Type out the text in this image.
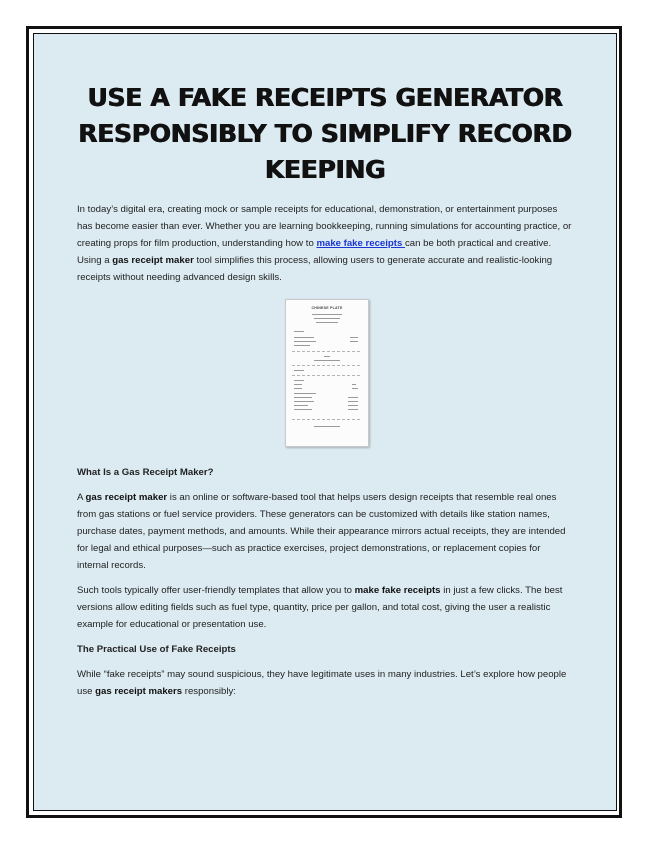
USE A FAKE RECEIPTS GENERATOR RESPONSIBLY TO SIMPLIFY RECORD KEEPING

In today’s digital era, creating mock or sample receipts for educational, demonstration, or entertainment purposes has become easier than ever. Whether you are learning bookkeeping, running simulations for accounting practice, or creating props for film production, understanding how to make fake receipts can be both practical and creative. Using a gas receipt maker tool simplifies this process, allowing users to generate accurate and realistic-looking receipts without needing advanced design skills.

CHINESE PLATE

What Is a Gas Receipt Maker?

A gas receipt maker is an online or software-based tool that helps users design receipts that resemble real ones from gas stations or fuel service providers. These generators can be customized with details like station names, purchase dates, payment methods, and amounts. While their appearance mirrors actual receipts, they are intended for legal and ethical purposes—such as practice exercises, project demonstrations, or replacement copies for internal records.

Such tools typically offer user-friendly templates that allow you to make fake receipts in just a few clicks. The best versions allow editing fields such as fuel type, quantity, price per gallon, and total cost, giving the user a realistic example for educational or presentation use.

The Practical Use of Fake Receipts

While “fake receipts” may sound suspicious, they have legitimate uses in many industries. Let’s explore how people use gas receipt makers responsibly:
